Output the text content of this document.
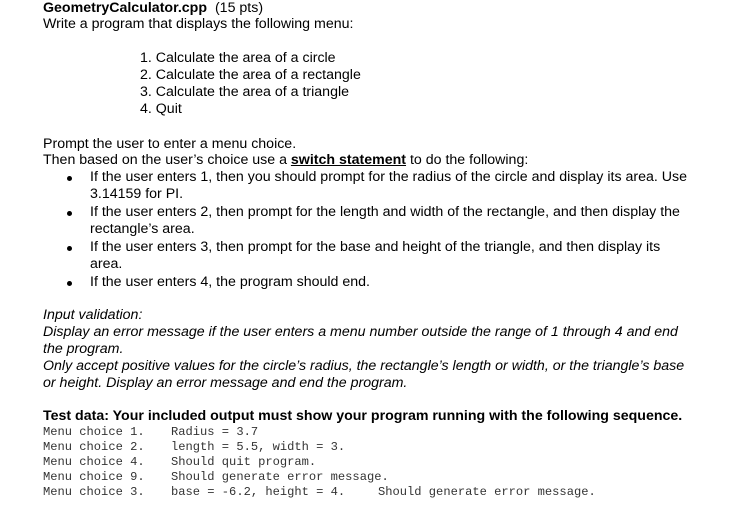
GeometryCalculator.cpp (15 pts)
Write a program that displays the following menu:
1. Calculate the area of a circle
2. Calculate the area of a rectangle
3. Calculate the area of a triangle
4. Quit
Prompt the user to enter a menu choice.
Then based on the user’s choice use a switch statement to do the following:
If the user enters 1, then you should prompt for the radius of the circle and display its area. Use
3.14159 for PI.
If the user enters 2, then prompt for the length and width of the rectangle, and then display the
rectangle’s area.
If the user enters 3, then prompt for the base and height of the triangle, and then display its
area.
If the user enters 4, the program should end.
Input validation:
Display an error message if the user enters a menu number outside the range of 1 through 4 and end
the program.
Only accept positive values for the circle’s radius, the rectangle’s length or width, or the triangle’s base
or height. Display an error message and end the program.
Test data: Your included output must show your program running with the following sequence.
Menu choice 1. Radius = 3.7
Menu choice 2. length = 5.5, width = 3.
Menu choice 4. Should quit program.
Menu choice 9. Should generate error message.
Menu choice 3. base = -6.2, height = 4.	Should generate error message.
